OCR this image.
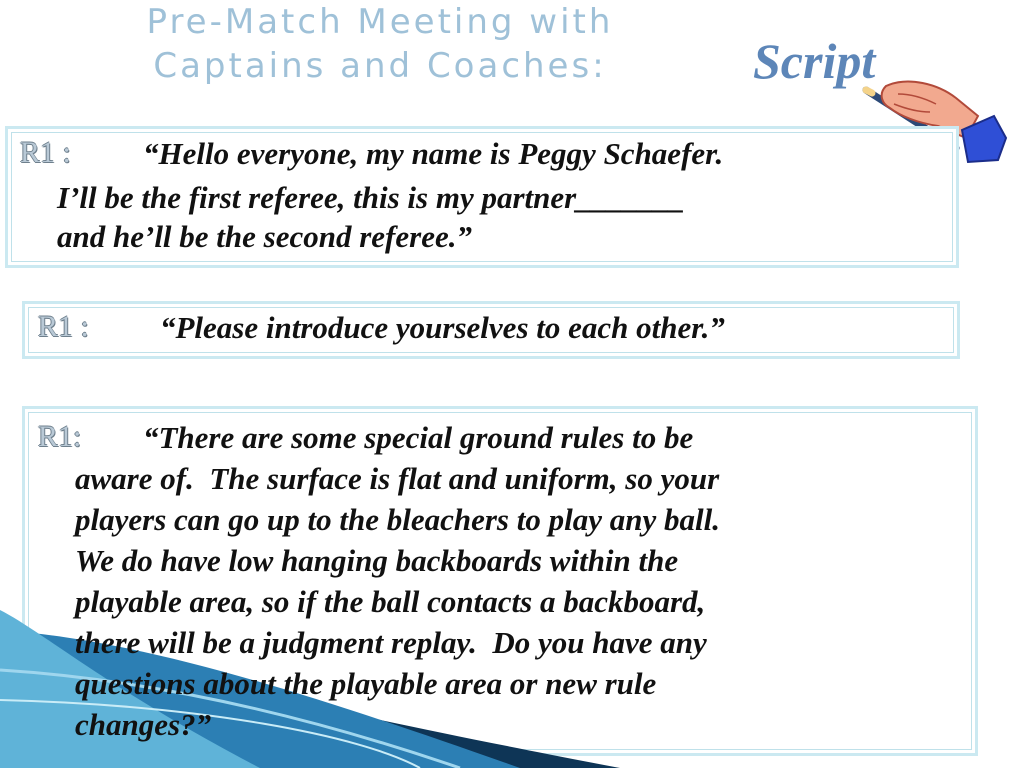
Pre-Match Meeting with
Captains and Coaches:	Script
R1 : “Hello everyone, my name is Peggy Schaefer.
I’ll be the first referee, this is my partner_______
and he’ll be the second referee.”
R1 : “Please introduce yourselves to each other.”
R1: “There are some special ground rules to be
aware of.  The surface is flat and uniform, so your
players can go up to the bleachers to play any ball.
We do have low hanging backboards within the
playable area, so if the ball contacts a backboard,
there will be a judgment replay.  Do you have any
questions about the playable area or new rule
changes?”
